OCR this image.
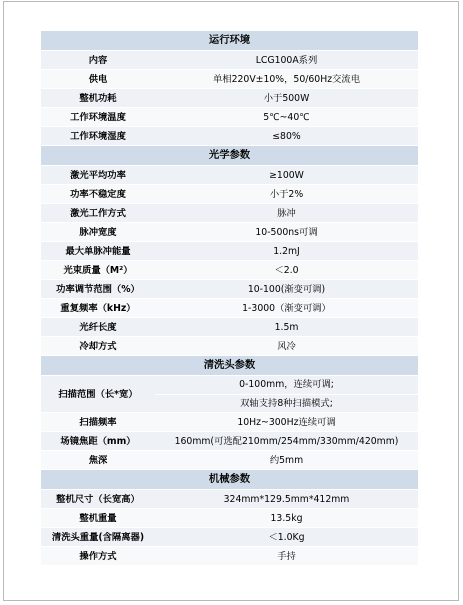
运行环境	
内容	LCG100A系列
供电	单相220V±10%，50/60Hz交流电
整机功耗	小于500W
工作环境温度	5℃~40℃
工作环境湿度	≤80%
光学参数	
激光平均功率	≥100W
功率不稳定度	小于2%
激光工作方式	脉冲
脉冲宽度	10-500ns可调
最大单脉冲能量	1.2mJ
光束质量（M²）	＜2.0
功率调节范围（%）	10-100(渐变可调)
重复频率（kHz）	1-3000（渐变可调）
光纤长度	1.5m
冷却方式	风冷
清洗头参数	
扫描范围（长*宽）	0-100mm，连续可调;
双轴支持8种扫描模式;

扫描频率	10Hz~300Hz连续可调
场镜焦距（mm）	160mm(可选配210mm/254mm/330mm/420mm)
焦深	约5mm
机械参数	
整机尺寸（长宽高）	324mm*129.5mm*412mm
整机重量	13.5kg
清洗头重量(含隔离器)	＜1.0Kg
操作方式	手持
